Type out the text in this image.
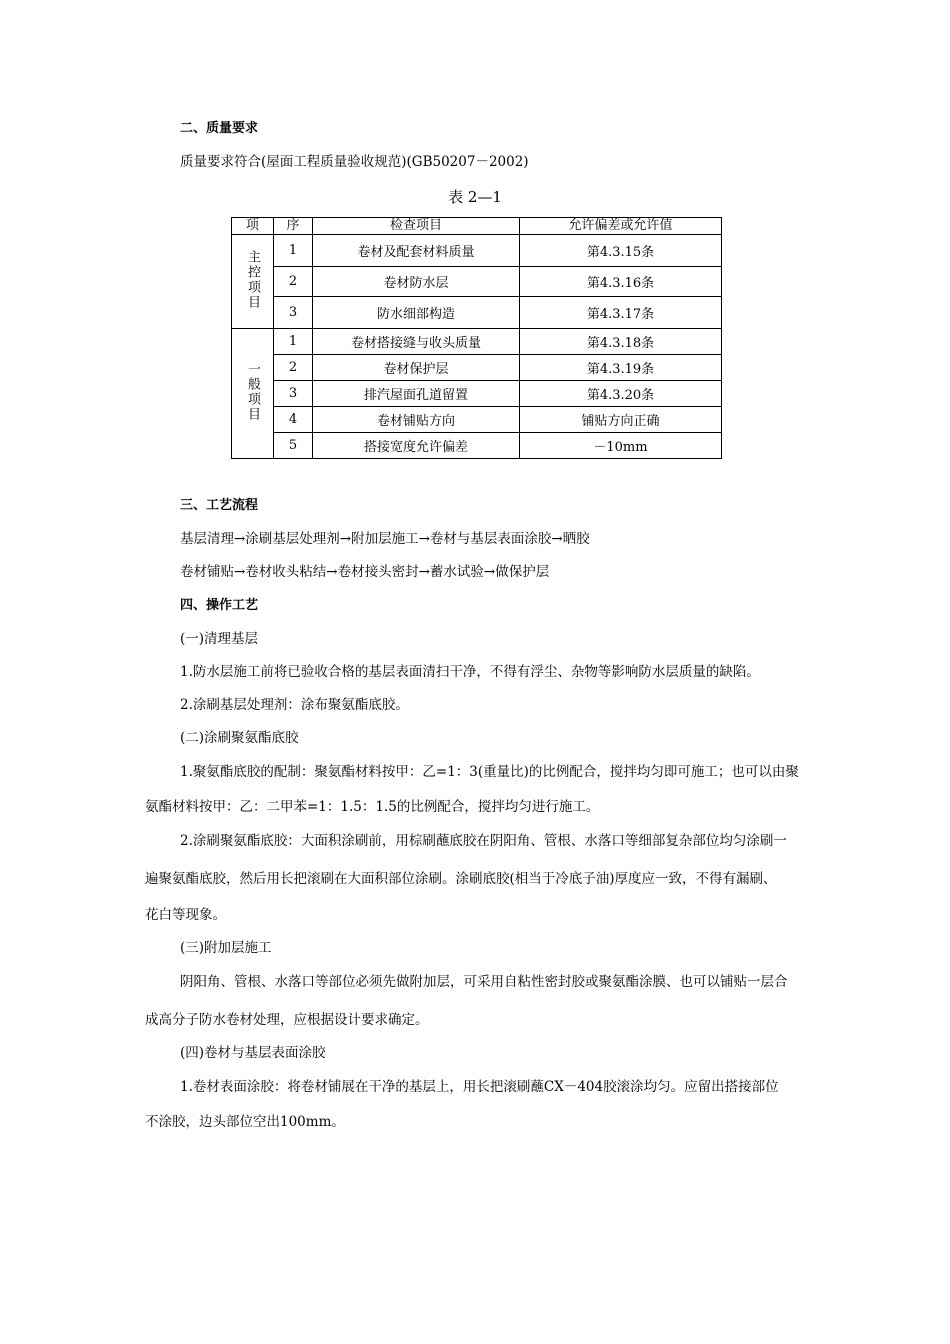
二、质量要求
质量要求符合(屋面工程质量验收规范)(GB50207－2002)
表 2—1
项	序	检查项目	允许偏差或允许值
主控项目	1	卷材及配套材料质量	第4.3.15条
	2	卷材防水层	第4.3.16条
	3	防水细部构造	第4.3.17条
一般项目	1	卷材搭接缝与收头质量	第4.3.18条
	2	卷材保护层	第4.3.19条
	3	排汽屋面孔道留置	第4.3.20条
	4	卷材铺贴方向	铺贴方向正确
	5	搭接宽度允许偏差	－10mm
三、工艺流程
基层清理→涂刷基层处理剂→附加层施工→卷材与基层表面涂胶→晒胶
卷材铺贴→卷材收头粘结→卷材接头密封→蓄水试验→做保护层
四、操作工艺
(一)清理基层
1.防水层施工前将已验收合格的基层表面清扫干净，不得有浮尘、杂物等影响防水层质量的缺陷。
2.涂刷基层处理剂：涂布聚氨酯底胶。
(二)涂刷聚氨酯底胶
1.聚氨酯底胶的配制：聚氨酯材料按甲：乙=1：3(重量比)的比例配合，搅拌均匀即可施工；也可以由聚
氨酯材料按甲：乙：二甲苯=1：1.5：1.5的比例配合，搅拌均匀进行施工。
2.涂刷聚氨酯底胶：大面积涂刷前，用棕刷蘸底胶在阴阳角、管根、水落口等细部复杂部位均匀涂刷一
遍聚氨酯底胶，然后用长把滚刷在大面积部位涂刷。涂刷底胶(相当于冷底子油)厚度应一致，不得有漏刷、
花白等现象。
(三)附加层施工
阴阳角、管根、水落口等部位必须先做附加层，可采用自粘性密封胶或聚氨酯涂膜、也可以铺贴一层合
成高分子防水卷材处理，应根据设计要求确定。
(四)卷材与基层表面涂胶
1.卷材表面涂胶：将卷材铺展在干净的基层上，用长把滚刷蘸CX－404胶滚涂均匀。应留出搭接部位
不涂胶，边头部位空出100mm。
